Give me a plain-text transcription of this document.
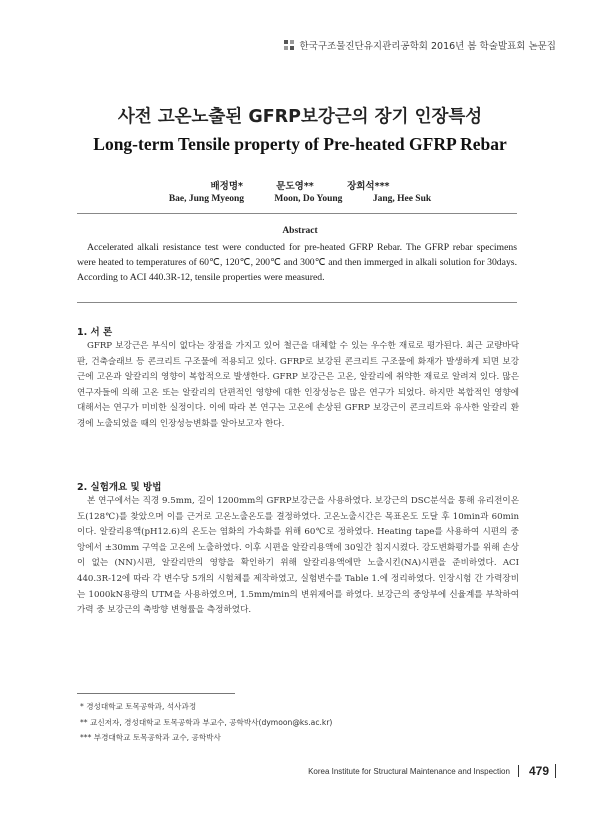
한국구조물진단유지관리공학회 2016년 봄 학술발표회 논문집
사전 고온노출된 GFRP보강근의 장기 인장특성
Long-term Tensile property of Pre-heated GFRP Rebar
배정명*	문도영**	장희석***
Bae, Jung Myeong	Moon, Do Young	Jang, Hee Suk
Abstract
Accelerated alkali resistance test were conducted for pre-heated GFRP Rebar. The GFRP rebar specimens were heated to temperatures of 60℃, 120℃, 200℃ and 300℃ and then immerged in alkali solution for 30days. According to ACI 440.3R-12, tensile properties were measured.
1. 서 론
GFRP 보강근은 부식이 없다는 장점을 가지고 있어 철근을 대체할 수 있는 우수한 재료로 평가된다. 최근 교량바닥판, 건축슬래브 등 콘크리트 구조물에 적용되고 있다. GFRP로 보강된 콘크리트 구조물에 화재가 발생하게 되면 보강근에 고온과 알칼리의 영향이 복합적으로 발생한다. GFRP 보강근은 고온, 알칼리에 취약한 재료로 알려져 있다. 많은 연구자들에 의해 고온 또는 알칼리의 단편적인 영향에 대한 인장성능은 많은 연구가 되었다. 하지만 복합적인 영향에 대해서는 연구가 미비한 실정이다. 이에 따라 본 연구는 고온에 손상된 GFRP 보강근이 콘크리트와 유사한 알칼리 환경에 노출되었을 때의 인장성능변화를 알아보고자 한다.
2. 실험개요 및 방법
본 연구에서는 직경 9.5mm, 길이 1200mm의 GFRP보강근을 사용하였다. 보강근의 DSC분석을 통해 유리전이온도(128℃)를 찾았으며 이를 근거로 고온노출온도를 결정하였다. 고온노출시간은 목표온도 도달 후 10min과 60min이다. 알칼리용액(pH12.6)의 온도는 염화의 가속화를 위해 60℃로 정하였다. Heating tape를 사용하여 시편의 중앙에서 ±30mm 구역을 고온에 노출하였다. 이후 시편을 알칼리용액에 30일간 침지시켰다. 강도변화평가를 위해 손상이 없는 (NN)시편, 알칼리만의 영향을 확인하기 위해 알칼리용액에만 노출시킨(NA)시편을 준비하였다. ACI 440.3R-12에 따라 각 변수당 5개의 시험체를 제작하였고, 실험변수를 Table 1.에 정리하였다. 인장시험 간 가력장비는 1000kN용량의 UTM을 사용하였으며, 1.5mm/min의 변위제어를 하였다. 보강근의 중앙부에 신율계를 부착하여 가력 중 보강근의 축방향 변형률을 측정하였다.
* 경성대학교 토목공학과, 석사과정
** 교신저자, 경성대학교 토목공학과 부교수, 공학박사(dymoon@ks.ac.kr)
*** 부경대학교 토목공학과 교수, 공학박사
Korea Institute for Structural Maintenance and Inspection 479
